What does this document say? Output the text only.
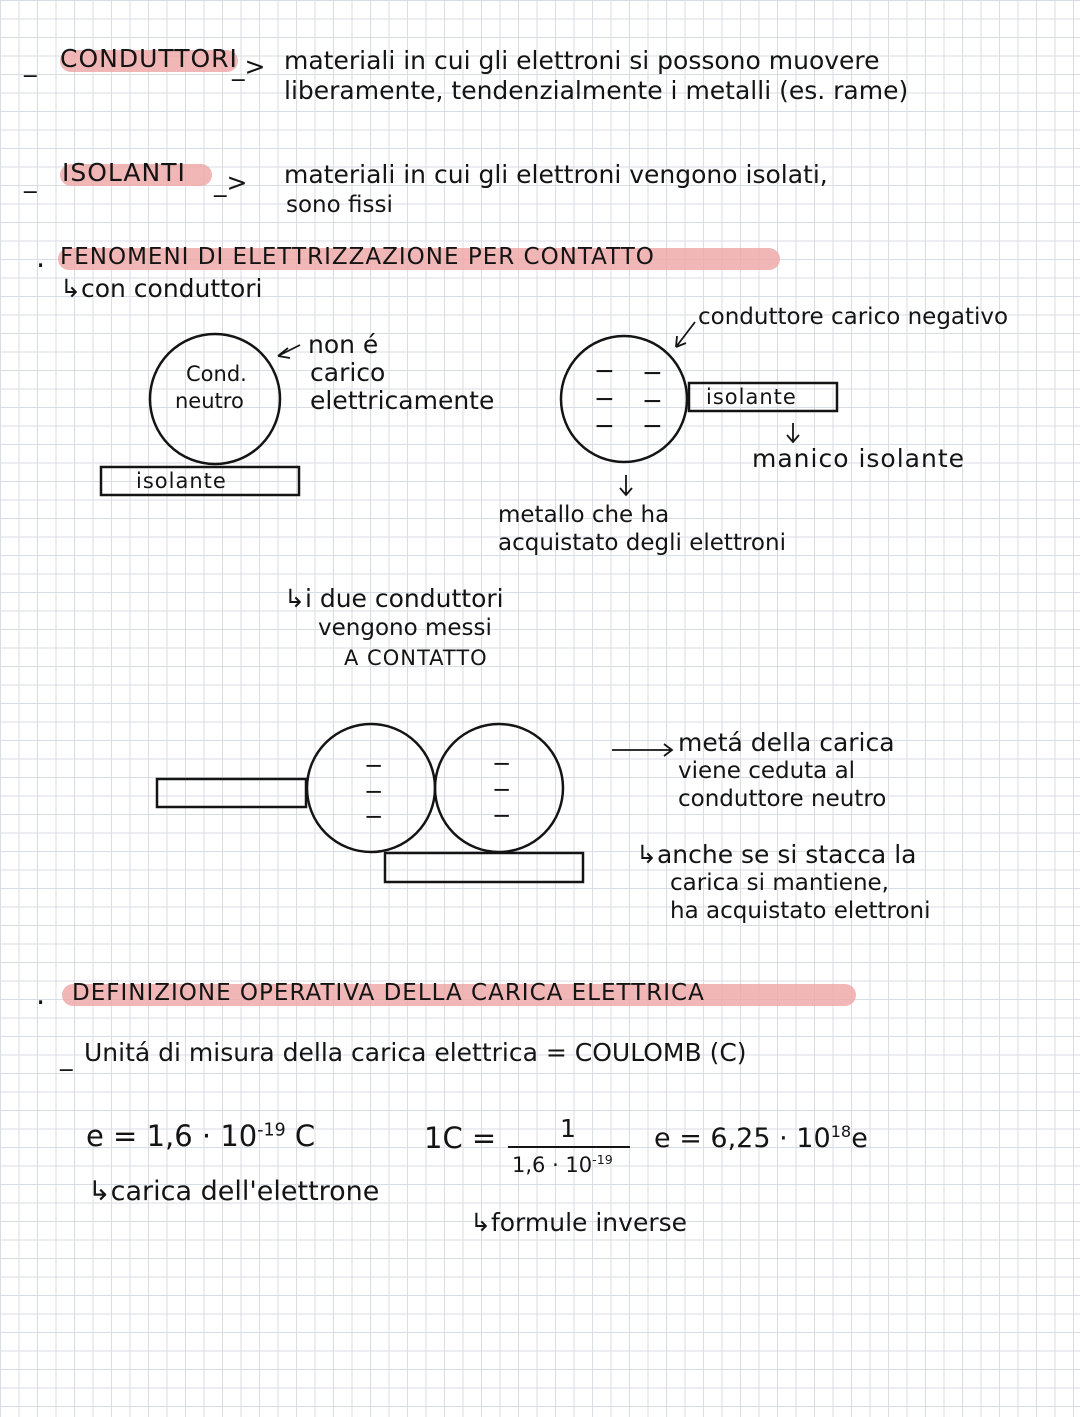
_ CONDUTTORI
_> materiali in cui gli elettroni si possono muovere
liberamente, tendenzialmente i metalli (es. rame)
_ ISOLANTI _> materiali in cui gli elettroni vengono isolati,
sono fissi
. FENOMENI DI ELETTRIZZAZIONE PER CONTATTO
↳con conduttori
Cond.
neutro
isolante
non é
carico
elettricamente
conduttore carico negativo
− −
− −
− −
isolante
manico isolante
metallo che ha
acquistato degli elettroni
↳i due conduttori
vengono messi
A CONTATTO
−
−
−
−
−
−
metá della carica
viene ceduta al
conduttore neutro
↳anche se si stacca la
carica si mantiene,
ha acquistato elettroni
. DEFINIZIONE OPERATIVA DELLA CARICA ELETTRICA
_ Unitá di misura della carica elettrica = COULOMB (C)
$e = 1,6 \cdot 10^{-19}$ C
↳carica dell'elettrone
1C =	1
$1,6 \cdot 10^{-19}$
$e = 6,25 \cdot 10^{18}e$
↳formule inverse
